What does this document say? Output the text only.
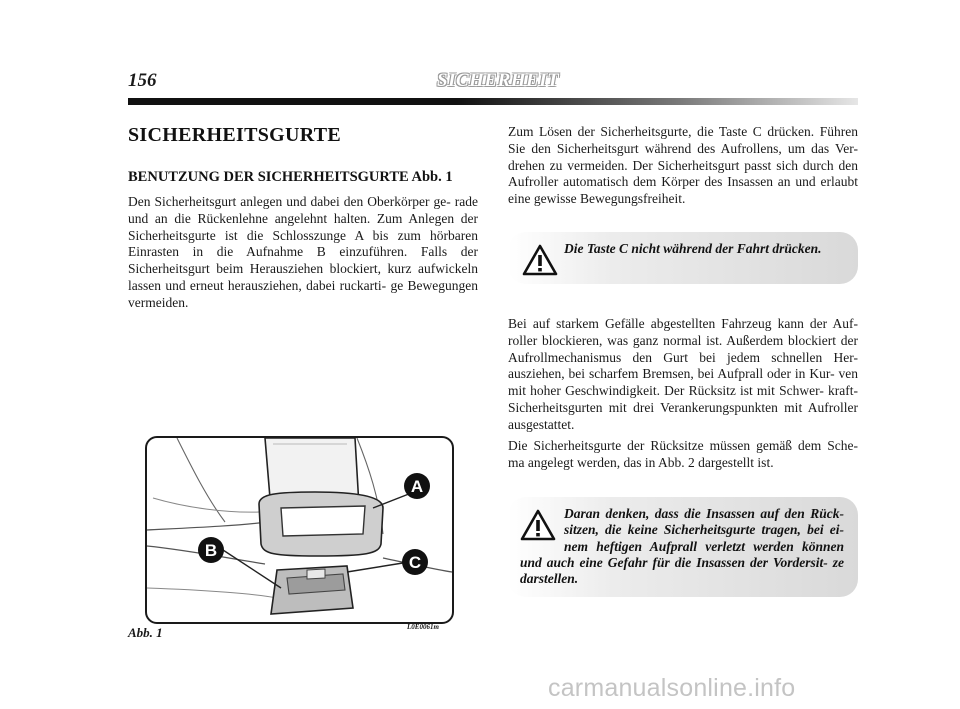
156	SICHERHEIT
SICHERHEITSGURTE
BENUTZUNG DER SICHERHEITSGURTE Abb. 1

Den Sicherheitsgurt anlegen und dabei den Oberkörper ge- rade und an die Rückenlehne angelehnt halten. Zum Anlegen der Sicherheitsgurte ist die Schlosszunge A bis zum hörbaren Einrasten in die Aufnahme B einzuführen. Falls der Sicherheitsgurt beim Herausziehen blockiert, kurz aufwickeln lassen und erneut herausziehen, dabei ruckarti- ge Bewegungen vermeiden.

Zum Lösen der Sicherheitsgurte, die Taste C drücken. Führen Sie den Sicherheitsgurt während des Aufrollens, um das Ver- drehen zu vermeiden. Der Sicherheitsgurt passt sich durch den Aufroller automatisch dem Körper des Insassen an und erlaubt eine gewisse Bewegungsfreiheit.

Die Taste C nicht während der Fahrt drücken.

Bei auf starkem Gefälle abgestellten Fahrzeug kann der Auf- roller blockieren, was ganz normal ist. Außerdem blockiert der Aufrollmechanismus den Gurt bei jedem schnellen Her- ausziehen, bei scharfem Bremsen, bei Aufprall oder in Kur- ven mit hoher Geschwindigkeit. Der Rücksitz ist mit Schwer- kraft-Sicherheitsgurten mit drei Verankerungspunkten mit Aufroller ausgestattet.

Die Sicherheitsgurte der Rücksitze müssen gemäß dem Sche- ma angelegt werden, das in Abb. 2 dargestellt ist.

Daran denken, dass die Insassen auf den Rück- sitzen, die keine Sicherheitsgurte tragen, bei ei- nem heftigen Aufprall verletzt werden können und auch eine Gefahr für die Insassen der Vordersit- ze darstellen.
A
B
C
Abb. 1	L0E0061m
carmanualsonline.info
